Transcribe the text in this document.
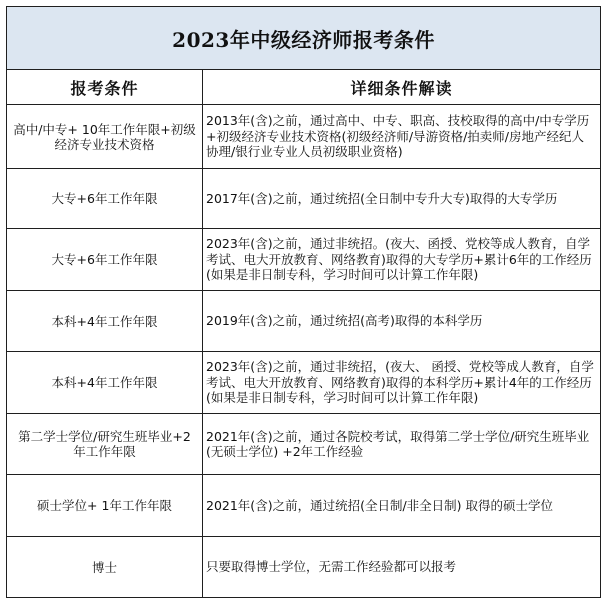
2023年中级经济师报考条件	
报考条件	详细条件解读
高中/中专+ 10年工作年限+初级经济专业技术资格	2013年(含)之前，通过高中、中专、职高、技校取得的高中/中专学历+初级经济专业技术资格(初级经济师/导游资格/拍卖师/房地产经纪人协理/银行业专业人员初级职业资格)
大专+6年工作年限	2017年(含)之前，通过统招(全日制中专升大专)取得的大专学历
大专+6年工作年限	2023年(含)之前，通过非统招。(夜大、函授、党校等成人教育，自学考试、电大开放教育、网络教育)取得的大专学历+累计6年的工作经历(如果是非日制专科，学习时间可以计算工作年限)
本科+4年工作年限	2019年(含)之前，通过统招(高考)取得的本科学历
本科+4年工作年限	2023年(含)之前，通过非统招，(夜大、 函授、党校等成人教育，自学考试、电大开放教育、网络教育)取得的本科学历+累计4年的工作经历(如果是非日制专科，学习时间可以计算工作年限)
第二学士学位/研究生班毕业+2年工作年限	2021年(含)之前，通过各院校考试，取得第二学士学位/研究生班毕业(无硕士学位) +2年工作经验
硕士学位+ 1年工作年限	2021年(含)之前，通过统招(全日制/非全日制) 取得的硕士学位
博士	只要取得博士学位，无需工作经验都可以报考
